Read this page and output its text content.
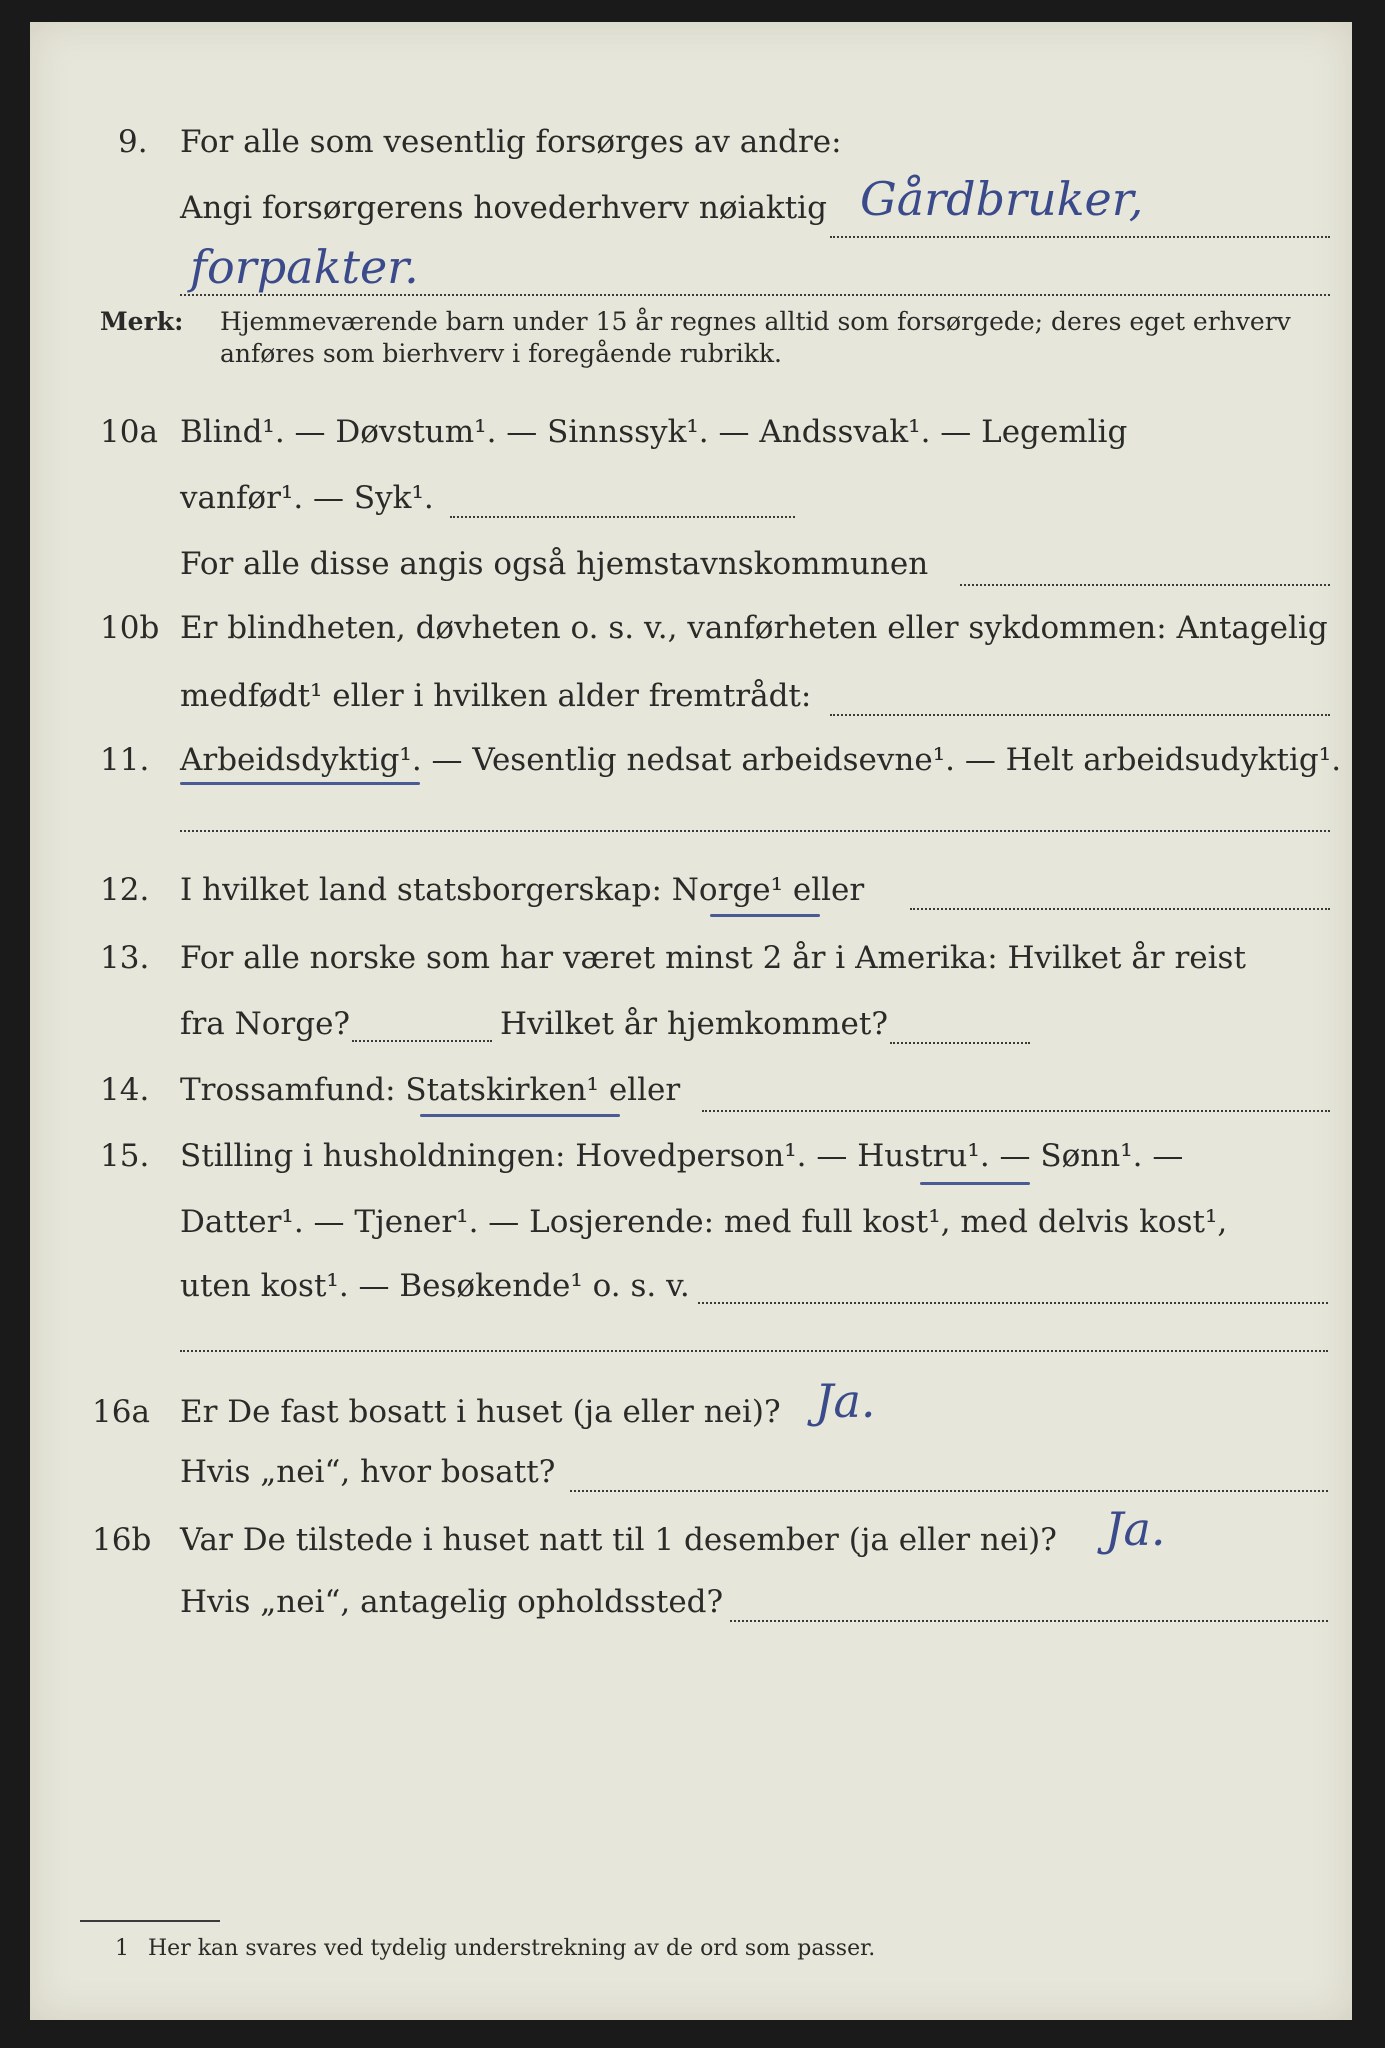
9.	For alle som vesentlig forsørges av andre:
Angi forsørgerens hovederhverv nøiaktig Gårdbruker,
forpakter.
Merk: Hjemmeværende barn under 15 år regnes alltid som forsørgede; deres eget erhverv
anføres som bierhverv i foregående rubrikk.
10a Blind¹. — Døvstum¹. — Sinnssyk¹. — Andssvak¹. — Legemlig
vanfør¹. — Syk¹.
For alle disse angis også hjemstavnskommunen
10b Er blindheten, døvheten o. s. v., vanførheten eller sykdommen: Antagelig
medfødt¹ eller i hvilken alder fremtrådt:
11. Arbeidsdyktig¹. — Vesentlig nedsat arbeidsevne¹. — Helt arbeidsudyktig¹.
12. I hvilket land statsborgerskap: Norge¹ eller
13. For alle norske som har været minst 2 år i Amerika: Hvilket år reist
fra Norge?	Hvilket år hjemkommet?
14. Trossamfund: Statskirken¹ eller
15. Stilling i husholdningen: Hovedperson¹. — Hustru¹. — Sønn¹. —
Datter¹. — Tjener¹. — Losjerende: med full kost¹, med delvis kost¹,
uten kost¹. — Besøkende¹ o. s. v.
16a Er De fast bosatt i huset (ja eller nei)? Ja.
Hvis „nei“, hvor bosatt?
16b Var De tilstede i huset natt til 1 desember (ja eller nei)? Ja.
Hvis „nei“, antagelig opholdssted?
1 Her kan svares ved tydelig understrekning av de ord som passer.
